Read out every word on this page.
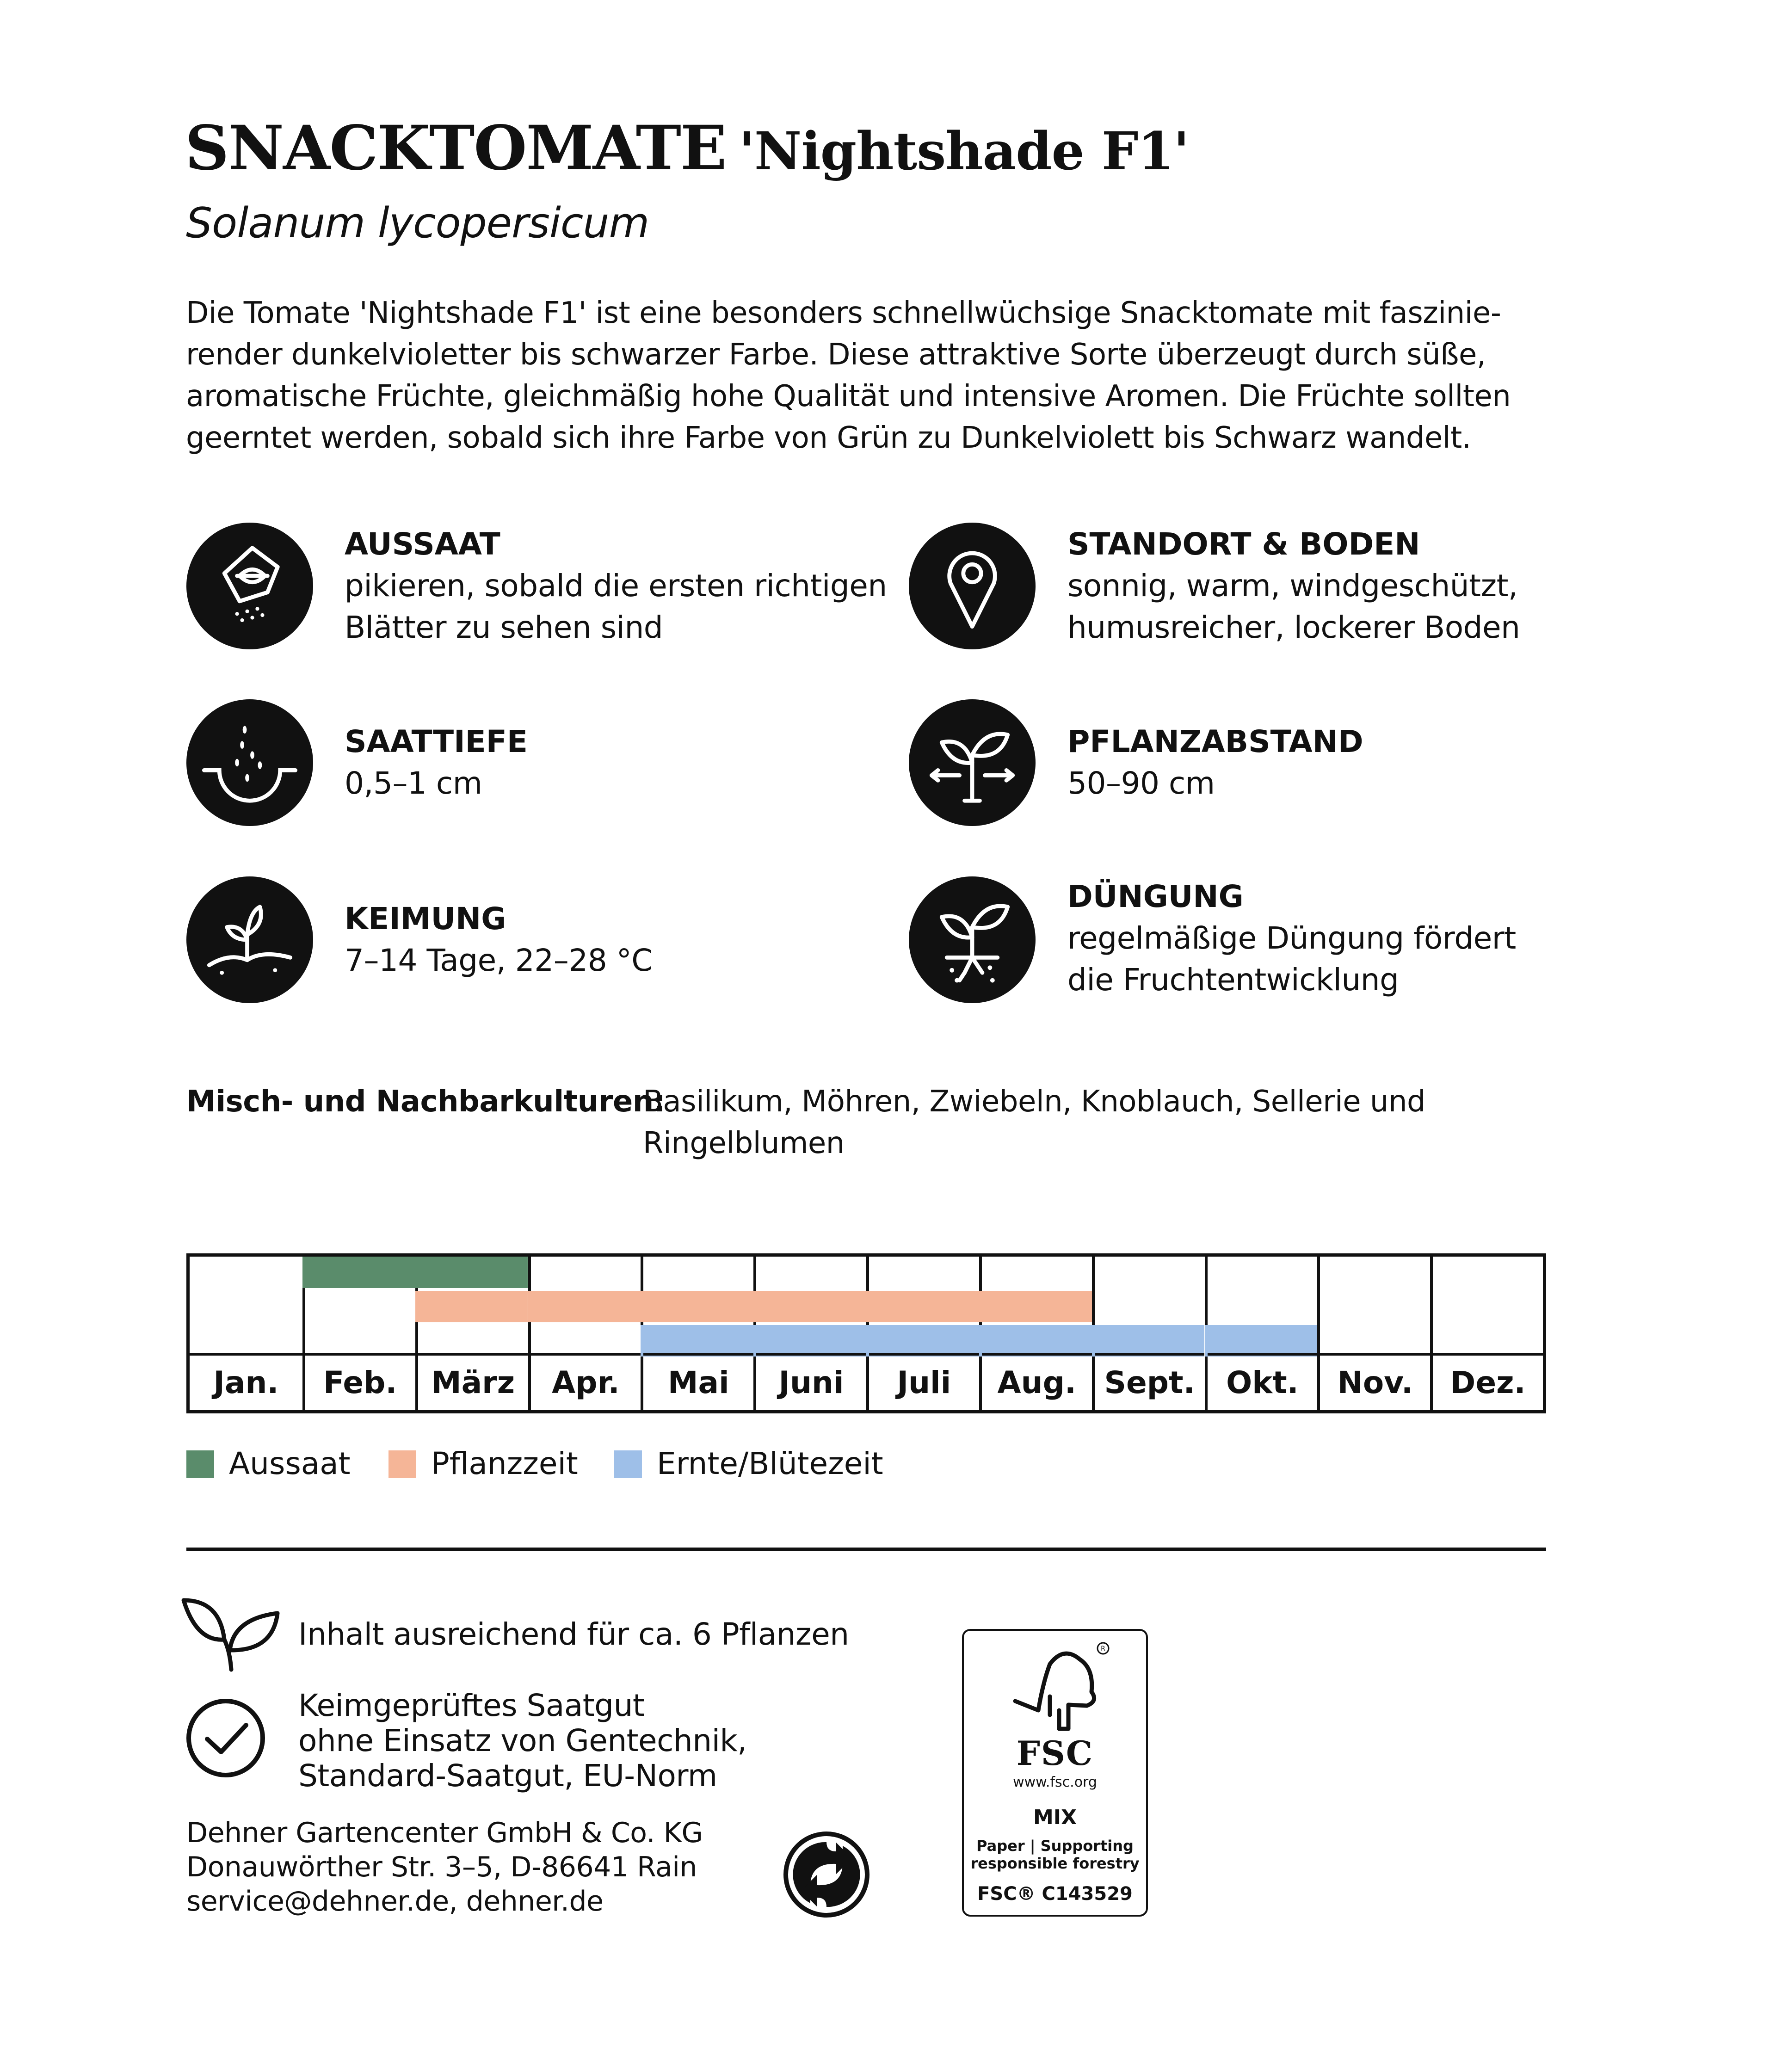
SNACKTOMATE 'Nightshade F1'
Solanum lycopersicum
Die Tomate 'Nightshade F1' ist eine besonders schnellwüchsige Snacktomate mit faszinie-
render dunkelvioletter bis schwarzer Farbe. Diese attraktive Sorte überzeugt durch süße,
aromatische Früchte, gleichmäßig hohe Qualität und intensive Aromen. Die Früchte sollten
geerntet werden, sobald sich ihre Farbe von Grün zu Dunkelviolett bis Schwarz wandelt.
AUSSAAT
pikieren, sobald die ersten richtigen
Blätter zu sehen sind
STANDORT & BODEN
sonnig, warm, windgeschützt,
humusreicher, lockerer Boden
SAATTIEFE
0,5–1 cm
PFLANZABSTAND
50–90 cm
KEIMUNG
7–14 Tage, 22–28 °C
DÜNGUNG
regelmäßige Düngung fördert
die Fruchtentwicklung
Misch- und Nachbarkulturen:
Basilikum, Möhren, Zwiebeln, Knoblauch, Sellerie und
Ringelblumen
Jan.	Feb.	März	Apr.	Mai	Juni	Juli	Aug. Sept.	Okt.	Nov.	Dez.
Aussaat	Pflanzzeit	Ernte/Blütezeit
Inhalt ausreichend für ca. 6 Pflanzen
Keimgeprüftes Saatgut
ohne Einsatz von Gentechnik,
Standard-Saatgut, EU-Norm
Dehner Gartencenter GmbH & Co. KG
Donauwörther Str. 3–5, D-86641 Rain
service@dehner.de, dehner.de
R
FSC
www.fsc.org
MIX
Paper | Supporting
responsible forestry
FSC® C143529
